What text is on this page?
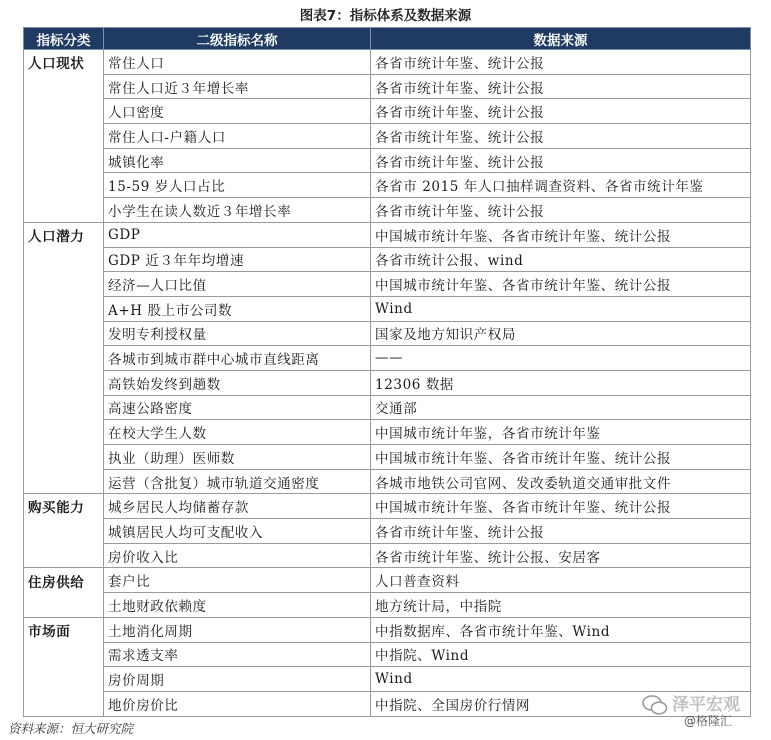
图表7：指标体系及数据来源
指标分类	二级指标名称	数据来源
人口现状	常住人口	各省市统计年鉴、统计公报
	常住人口近３年增长率	各省市统计年鉴、统计公报
	人口密度	各省市统计年鉴、统计公报
	常住人口-户籍人口	各省市统计年鉴、统计公报
	城镇化率	各省市统计年鉴、统计公报
	15-59 岁人口占比	各省市 2015 年人口抽样调查资料、各省市统计年鉴
	小学生在读人数近３年增长率	各省市统计年鉴、统计公报
人口潜力	GDP	中国城市统计年鉴、各省市统计年鉴、统计公报
	GDP 近３年年均增速	各省市统计公报、wind
	经济—人口比值	中国城市统计年鉴、各省市统计年鉴、统计公报
	A+H 股上市公司数	Wind
	发明专利授权量	国家及地方知识产权局
	各城市到城市群中心城市直线距离	——
	高铁始发终到趟数	12306 数据
	高速公路密度	交通部
	在校大学生人数	中国城市统计年鉴，各省市统计年鉴
	执业（助理）医师数	中国城市统计年鉴、各省市统计年鉴、统计公报
	运营（含批复）城市轨道交通密度	各城市地铁公司官网、发改委轨道交通审批文件
购买能力	城乡居民人均储蓄存款	中国城市统计年鉴、各省市统计年鉴、统计公报
	城镇居民人均可支配收入	各省市统计年鉴、统计公报
	房价收入比	各省市统计年鉴、统计公报、安居客
住房供给	套户比	人口普查资料
	土地财政依赖度	地方统计局，中指院
市场面	土地消化周期	中指数据库、各省市统计年鉴、Wind
	需求透支率	中指院、Wind
	房价周期	Wind
	地价房价比	中指院、全国房价行情网
资料来源：恒大研究院
泽平宏观
@格隆汇
